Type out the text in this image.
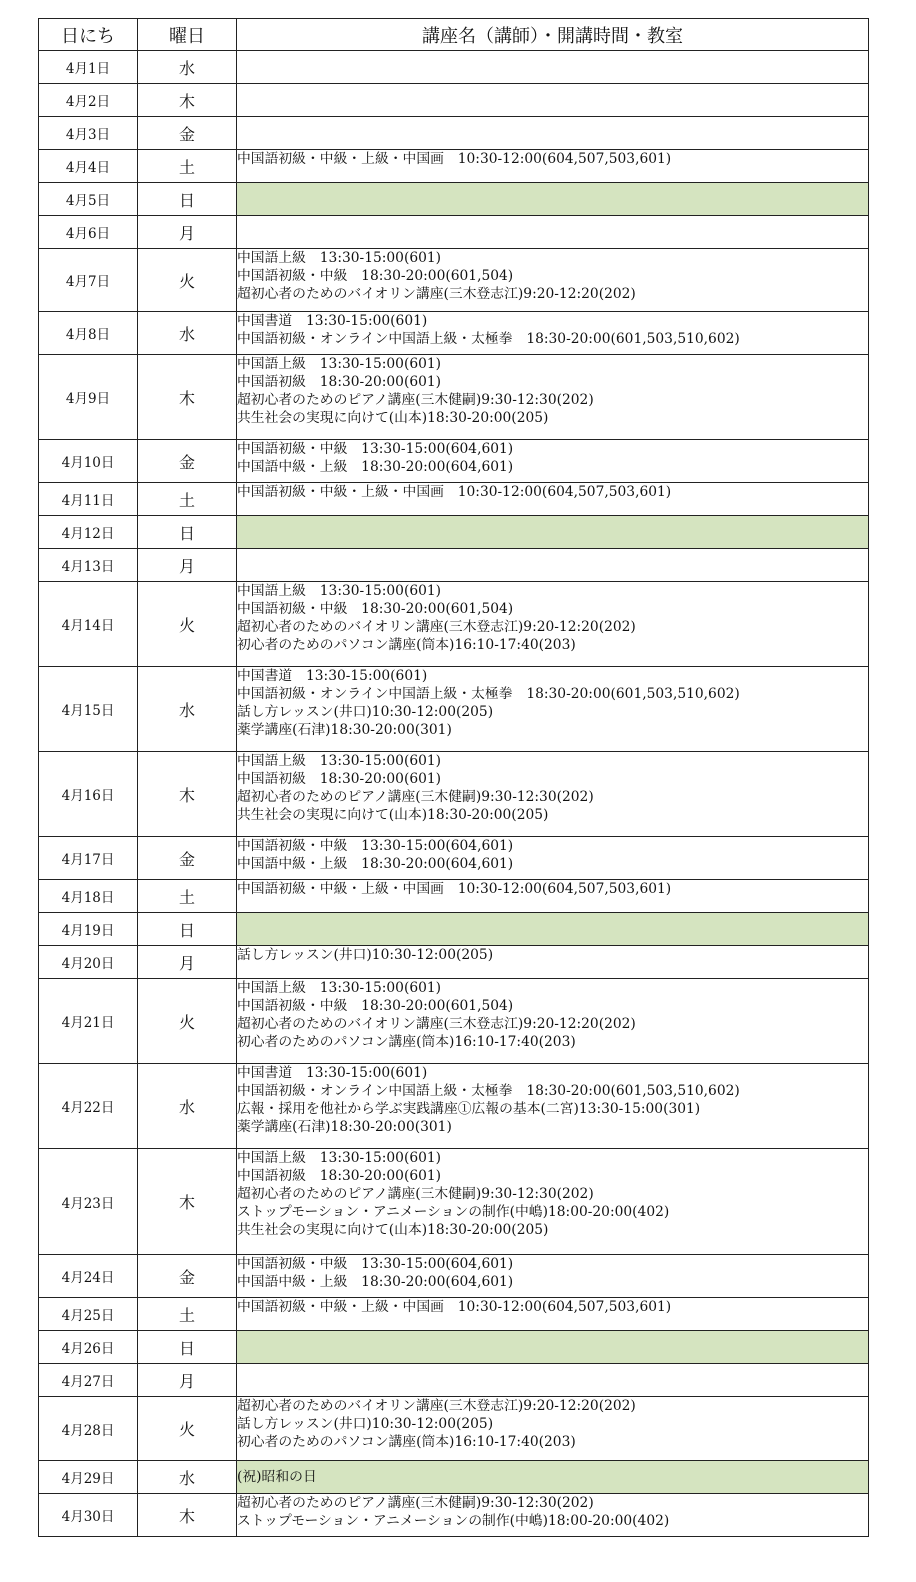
日にち	曜日	講座名（講師）・開講時間・教室
4月1日	水	
4月2日	木	
4月3日	金	
4月4日	土	中国語初級・中級・上級・中国画　10:30-12:00(604,507,503,601)

4月5日	日	
4月6日	月	
4月7日	火	中国語上級　13:30-15:00(601)
中国語初級・中級　18:30-20:00(601,504)
超初心者のためのバイオリン講座(三木登志江)9:20-12:20(202)

4月8日	水	中国書道　13:30-15:00(601)
中国語初級・オンライン中国語上級・太極拳　18:30-20:00(601,503,510,602)

4月9日	木	中国語上級　13:30-15:00(601)
中国語初級　18:30-20:00(601)
超初心者のためのピアノ講座(三木健嗣)9:30-12:30(202)
共生社会の実現に向けて(山本)18:30-20:00(205)

4月10日	金	中国語初級・中級　13:30-15:00(604,601)
中国語中級・上級　18:30-20:00(604,601)

4月11日	土	中国語初級・中級・上級・中国画　10:30-12:00(604,507,503,601)

4月12日	日	
4月13日	月	
4月14日	火	中国語上級　13:30-15:00(601)
中国語初級・中級　18:30-20:00(601,504)
超初心者のためのバイオリン講座(三木登志江)9:20-12:20(202)
初心者のためのパソコン講座(筒本)16:10-17:40(203)

4月15日	水	中国書道　13:30-15:00(601)
中国語初級・オンライン中国語上級・太極拳　18:30-20:00(601,503,510,602)
話し方レッスン(井口)10:30-12:00(205)
薬学講座(石津)18:30-20:00(301)

4月16日	木	中国語上級　13:30-15:00(601)
中国語初級　18:30-20:00(601)
超初心者のためのピアノ講座(三木健嗣)9:30-12:30(202)
共生社会の実現に向けて(山本)18:30-20:00(205)

4月17日	金	中国語初級・中級　13:30-15:00(604,601)
中国語中級・上級　18:30-20:00(604,601)

4月18日	土	中国語初級・中級・上級・中国画　10:30-12:00(604,507,503,601)

4月19日	日	
4月20日	月	話し方レッスン(井口)10:30-12:00(205)

4月21日	火	中国語上級　13:30-15:00(601)
中国語初級・中級　18:30-20:00(601,504)
超初心者のためのバイオリン講座(三木登志江)9:20-12:20(202)
初心者のためのパソコン講座(筒本)16:10-17:40(203)

4月22日	水	中国書道　13:30-15:00(601)
中国語初級・オンライン中国語上級・太極拳　18:30-20:00(601,503,510,602)
広報・採用を他社から学ぶ実践講座①広報の基本(二宮)13:30-15:00(301)
薬学講座(石津)18:30-20:00(301)

4月23日	木	中国語上級　13:30-15:00(601)
中国語初級　18:30-20:00(601)
超初心者のためのピアノ講座(三木健嗣)9:30-12:30(202)
ストップモーション・アニメーションの制作(中嶋)18:00-20:00(402)
共生社会の実現に向けて(山本)18:30-20:00(205)

4月24日	金	中国語初級・中級　13:30-15:00(604,601)
中国語中級・上級　18:30-20:00(604,601)

4月25日	土	中国語初級・中級・上級・中国画　10:30-12:00(604,507,503,601)

4月26日	日	
4月27日	月	
4月28日	火	超初心者のためのバイオリン講座(三木登志江)9:20-12:20(202)
話し方レッスン(井口)10:30-12:00(205)
初心者のためのパソコン講座(筒本)16:10-17:40(203)

4月29日	水	(祝)昭和の日

4月30日	木	超初心者のためのピアノ講座(三木健嗣)9:30-12:30(202)
ストップモーション・アニメーションの制作(中嶋)18:00-20:00(402)
